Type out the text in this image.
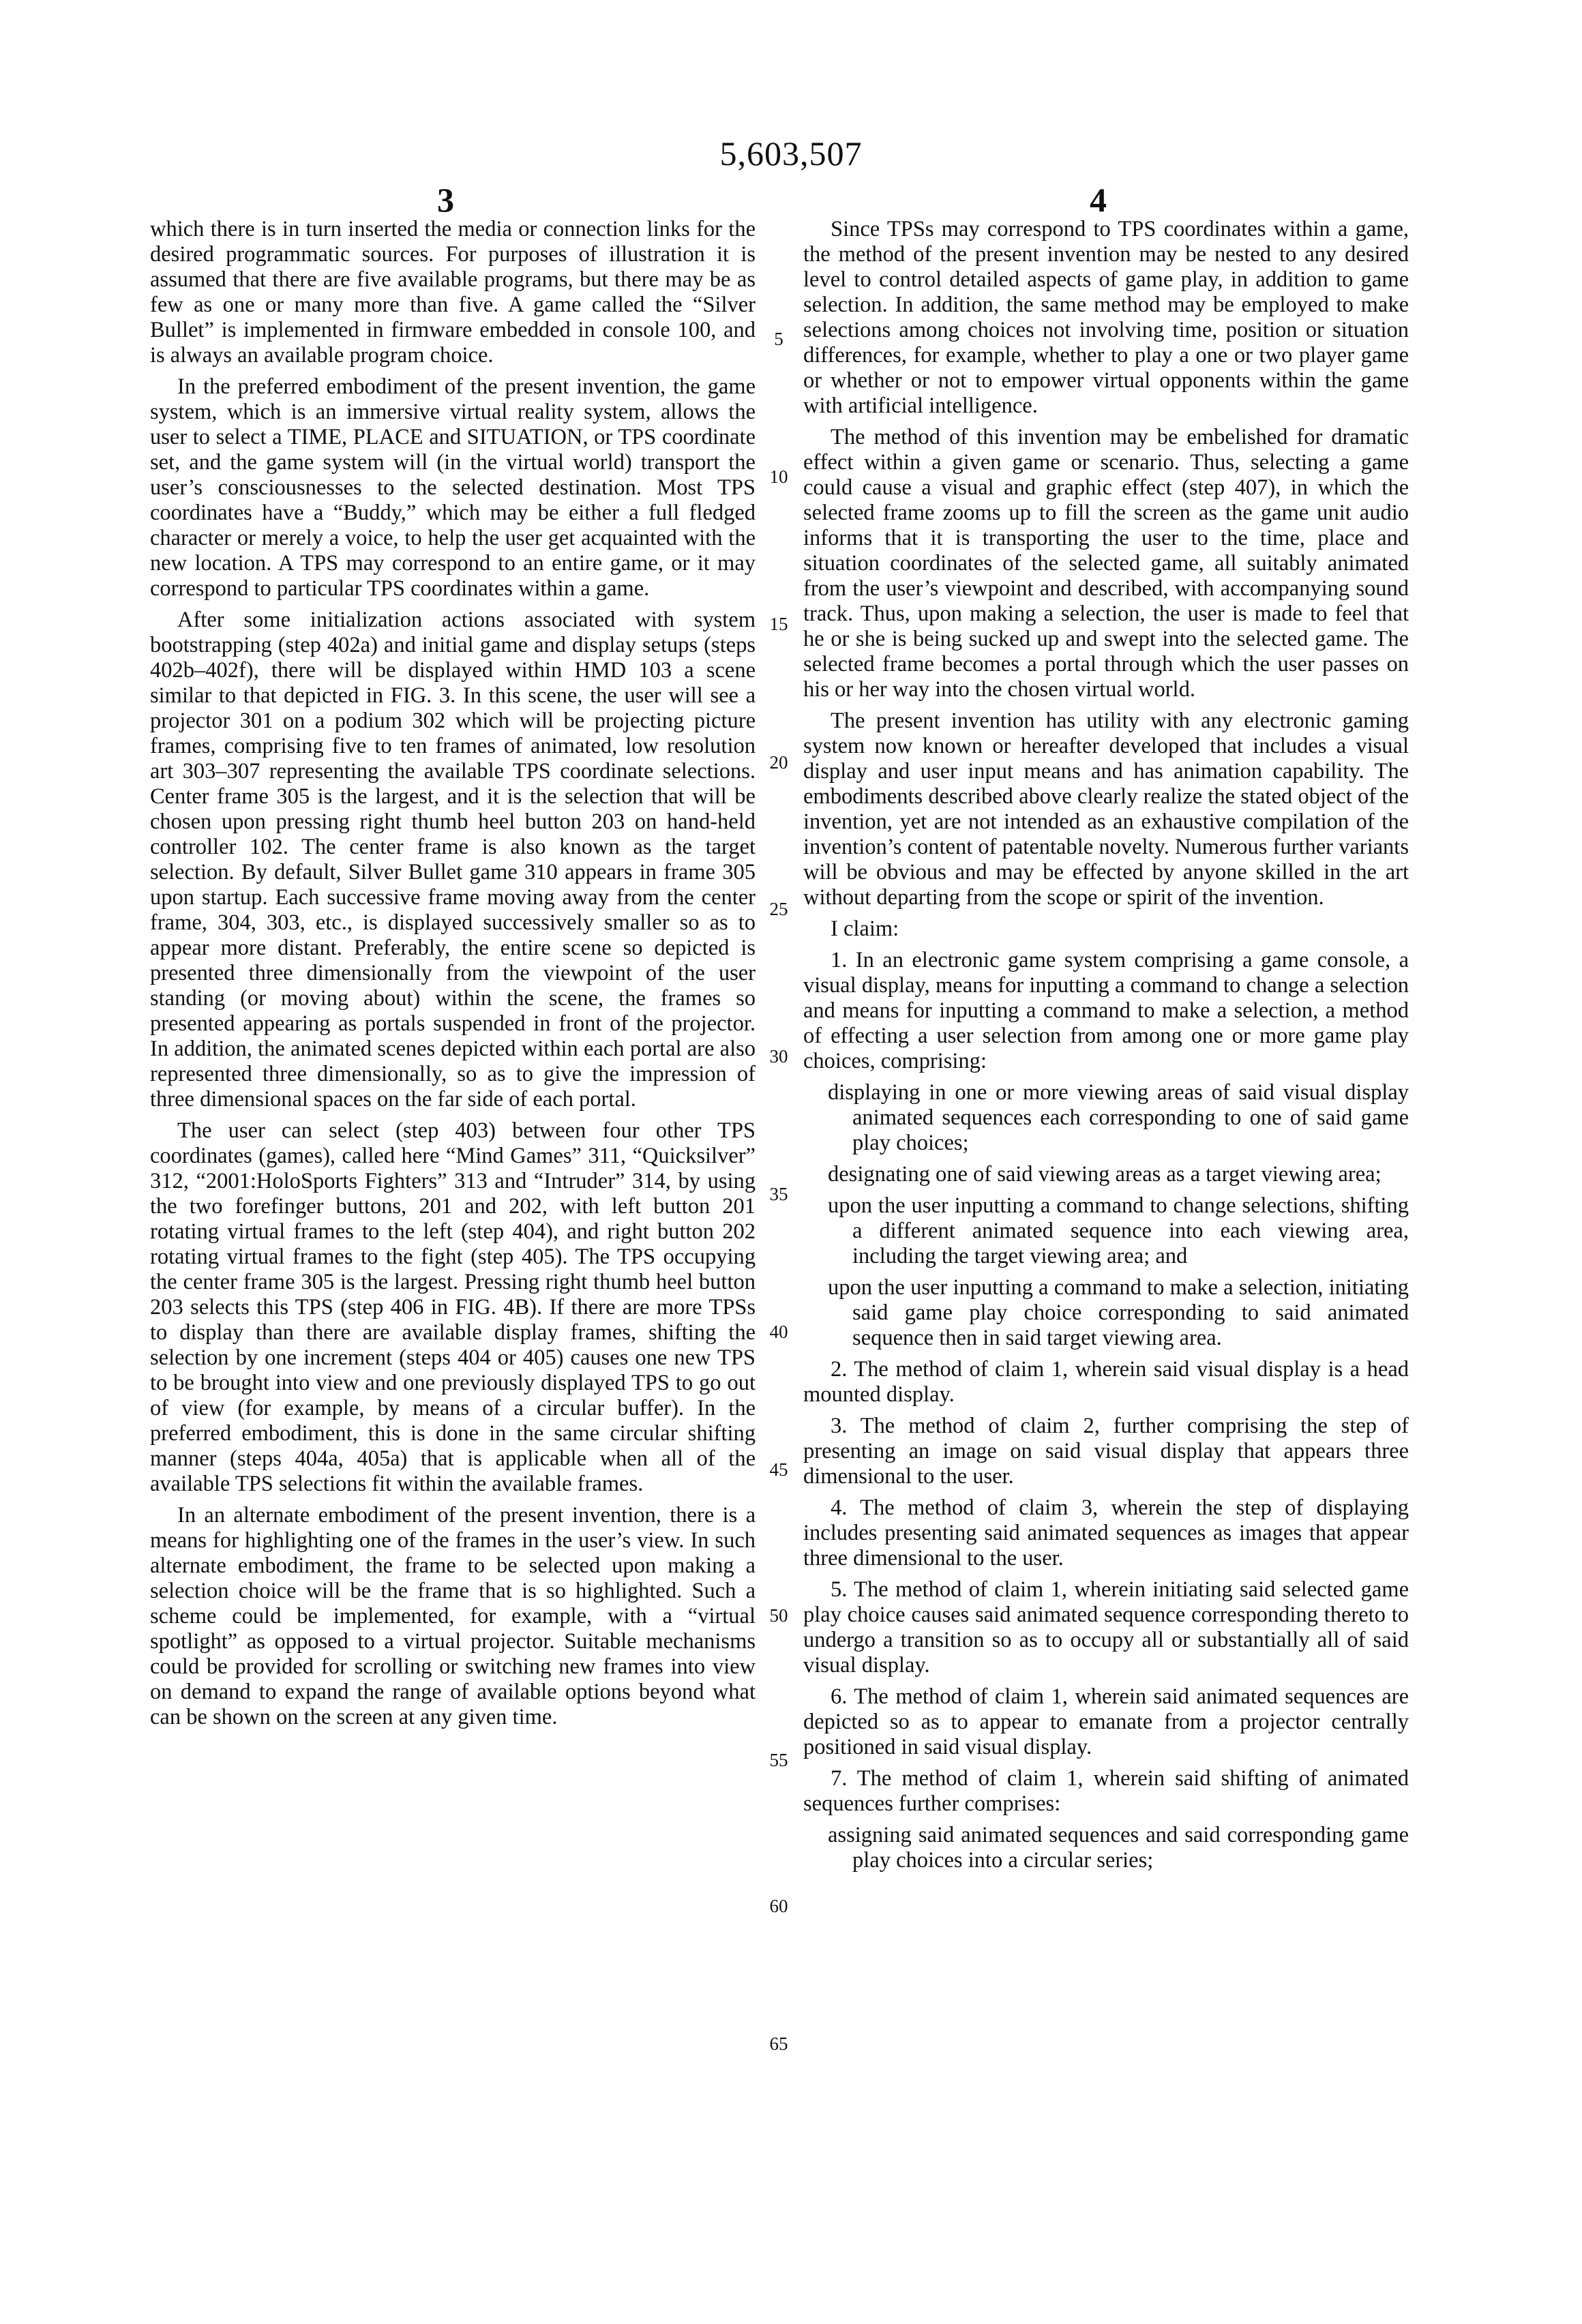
5,603,507
3	4

which there is in turn inserted the media or connection links for the desired programmatic sources. For purposes of illustration it is assumed that there are five available programs, but there may be as few as one or many more than five. A game called the “Silver Bullet” is implemented in firmware embedded in console 100, and is always an available program choice.

In the preferred embodiment of the present invention, the game system, which is an immersive virtual reality system, allows the user to select a TIME, PLACE and SITUATION, or TPS coordinate set, and the game system will (in the virtual world) transport the user’s consciousnesses to the selected destination. Most TPS coordinates have a “Buddy,” which may be either a full fledged character or merely a voice, to help the user get acquainted with the new location. A TPS may correspond to an entire game, or it may correspond to particular TPS coordinates within a game.

After some initialization actions associated with system bootstrapping (step 402a) and initial game and display setups (steps 402b–402f), there will be displayed within HMD 103 a scene similar to that depicted in FIG. 3. In this scene, the user will see a projector 301 on a podium 302 which will be projecting picture frames, comprising five to ten frames of animated, low resolution art 303–307 representing the available TPS coordinate selections. Center frame 305 is the largest, and it is the selection that will be chosen upon pressing right thumb heel button 203 on hand-held controller 102. The center frame is also known as the target selection. By default, Silver Bullet game 310 appears in frame 305 upon startup. Each successive frame moving away from the center frame, 304, 303, etc., is displayed successively smaller so as to appear more distant. Preferably, the entire scene so depicted is presented three dimensionally from the viewpoint of the user standing (or moving about) within the scene, the frames so presented appearing as portals suspended in front of the projector. In addition, the animated scenes depicted within each portal are also represented three dimensionally, so as to give the impression of three dimensional spaces on the far side of each portal.

The user can select (step 403) between four other TPS coordinates (games), called here “Mind Games” 311, “Quicksilver” 312, “2001:HoloSports Fighters” 313 and “Intruder” 314, by using the two forefinger buttons, 201 and 202, with left button 201 rotating virtual frames to the left (step 404), and right button 202 rotating virtual frames to the fight (step 405). The TPS occupying the center frame 305 is the largest. Pressing right thumb heel button 203 selects this TPS (step 406 in FIG. 4B). If there are more TPSs to display than there are available display frames, shifting the selection by one increment (steps 404 or 405) causes one new TPS to be brought into view and one previously displayed TPS to go out of view (for example, by means of a circular buffer). In the preferred embodiment, this is done in the same circular shifting manner (steps 404a, 405a) that is applicable when all of the available TPS selections fit within the available frames.

In an alternate embodiment of the present invention, there is a means for highlighting one of the frames in the user’s view. In such alternate embodiment, the frame to be selected upon making a selection choice will be the frame that is so highlighted. Such a scheme could be implemented, for example, with a “virtual spotlight” as opposed to a virtual projector. Suitable mechanisms could be provided for scrolling or switching new frames into view on demand to expand the range of available options beyond what can be shown on the screen at any given time.

5
10
15
20
25
30
35
40
45
50
55
60
65

Since TPSs may correspond to TPS coordinates within a game, the method of the present invention may be nested to any desired level to control detailed aspects of game play, in addition to game selection. In addition, the same method may be employed to make selections among choices not involving time, position or situation differences, for example, whether to play a one or two player game or whether or not to empower virtual opponents within the game with artificial intelligence.

The method of this invention may be embelished for dramatic effect within a given game or scenario. Thus, selecting a game could cause a visual and graphic effect (step 407), in which the selected frame zooms up to fill the screen as the game unit audio informs that it is transporting the user to the time, place and situation coordinates of the selected game, all suitably animated from the user’s viewpoint and described, with accompanying sound track. Thus, upon making a selection, the user is made to feel that he or she is being sucked up and swept into the selected game. The selected frame becomes a portal through which the user passes on his or her way into the chosen virtual world.

The present invention has utility with any electronic gaming system now known or hereafter developed that includes a visual display and user input means and has animation capability. The embodiments described above clearly realize the stated object of the invention, yet are not intended as an exhaustive compilation of the invention’s content of patentable novelty. Numerous further variants will be obvious and may be effected by anyone skilled in the art without departing from the scope or spirit of the invention.

I claim:

1. In an electronic game system comprising a game console, a visual display, means for inputting a command to change a selection and means for inputting a command to make a selection, a method of effecting a user selection from among one or more game play choices, comprising:

displaying in one or more viewing areas of said visual display animated sequences each corresponding to one of said game play choices;

designating one of said viewing areas as a target viewing area;

upon the user inputting a command to change selections, shifting a different animated sequence into each viewing area, including the target viewing area; and

upon the user inputting a command to make a selection, initiating said game play choice corresponding to said animated sequence then in said target viewing area.

2. The method of claim 1, wherein said visual display is a head mounted display.

3. The method of claim 2, further comprising the step of presenting an image on said visual display that appears three dimensional to the user.

4. The method of claim 3, wherein the step of displaying includes presenting said animated sequences as images that appear three dimensional to the user.

5. The method of claim 1, wherein initiating said selected game play choice causes said animated sequence corresponding thereto to undergo a transition so as to occupy all or substantially all of said visual display.

6. The method of claim 1, wherein said animated sequences are depicted so as to appear to emanate from a projector centrally positioned in said visual display.

7. The method of claim 1, wherein said shifting of animated sequences further comprises:

assigning said animated sequences and said corresponding game play choices into a circular series;
